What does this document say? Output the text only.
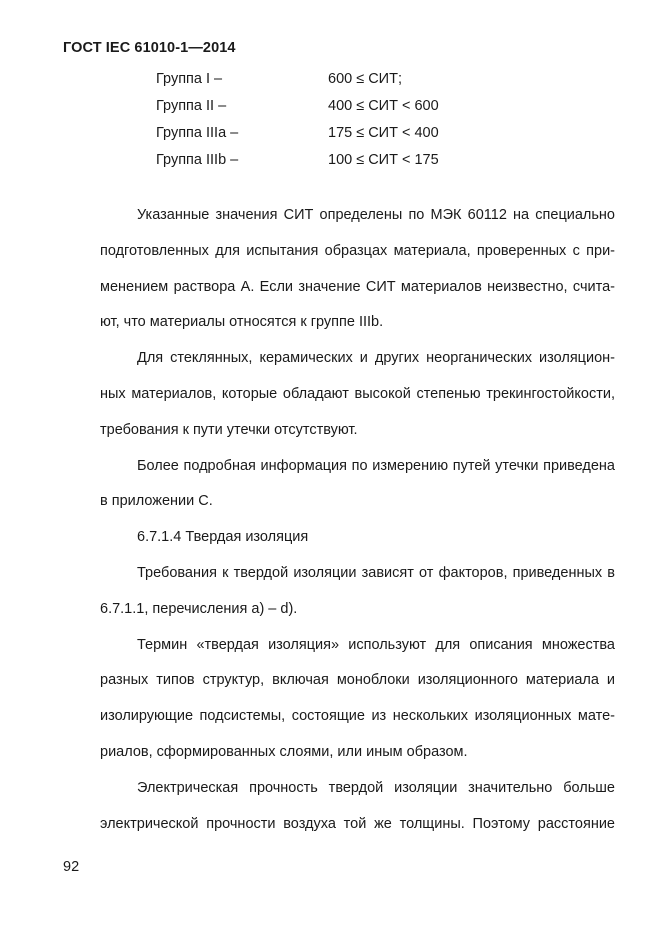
ГОСТ IEC 61010-1—2014
Группа I –	600 ≤ СИТ;
Группа II –	400 ≤ СИТ < 600
Группа IIIa –	175 ≤ СИТ < 400
Группа IIIb –	100 ≤ СИТ < 175
Указанные значения СИТ определены по МЭК 60112 на специально
подготовленных для испытания образцах материала, проверенных с при-
менением раствора А. Если значение СИТ материалов неизвестно, счита-
ют, что материалы относятся к группе IIIb.
Для стеклянных, керамических и других неорганических изоляцион-
ных материалов, которые обладают высокой степенью трекингостойкости,
требования к пути утечки отсутствуют.
Более подробная информация по измерению путей утечки приведена
в приложении С.
6.7.1.4 Твердая изоляция
Требования к твердой изоляции зависят от факторов, приведенных в
6.7.1.1, перечисления a) – d).
Термин «твердая изоляция» используют для описания множества
разных типов структур, включая моноблоки изоляционного материала и
изолирующие подсистемы, состоящие из нескольких изоляционных мате-
риалов, сформированных слоями, или иным образом.
Электрическая прочность твердой изоляции значительно больше
электрической прочности воздуха той же толщины. Поэтому расстояние
92
